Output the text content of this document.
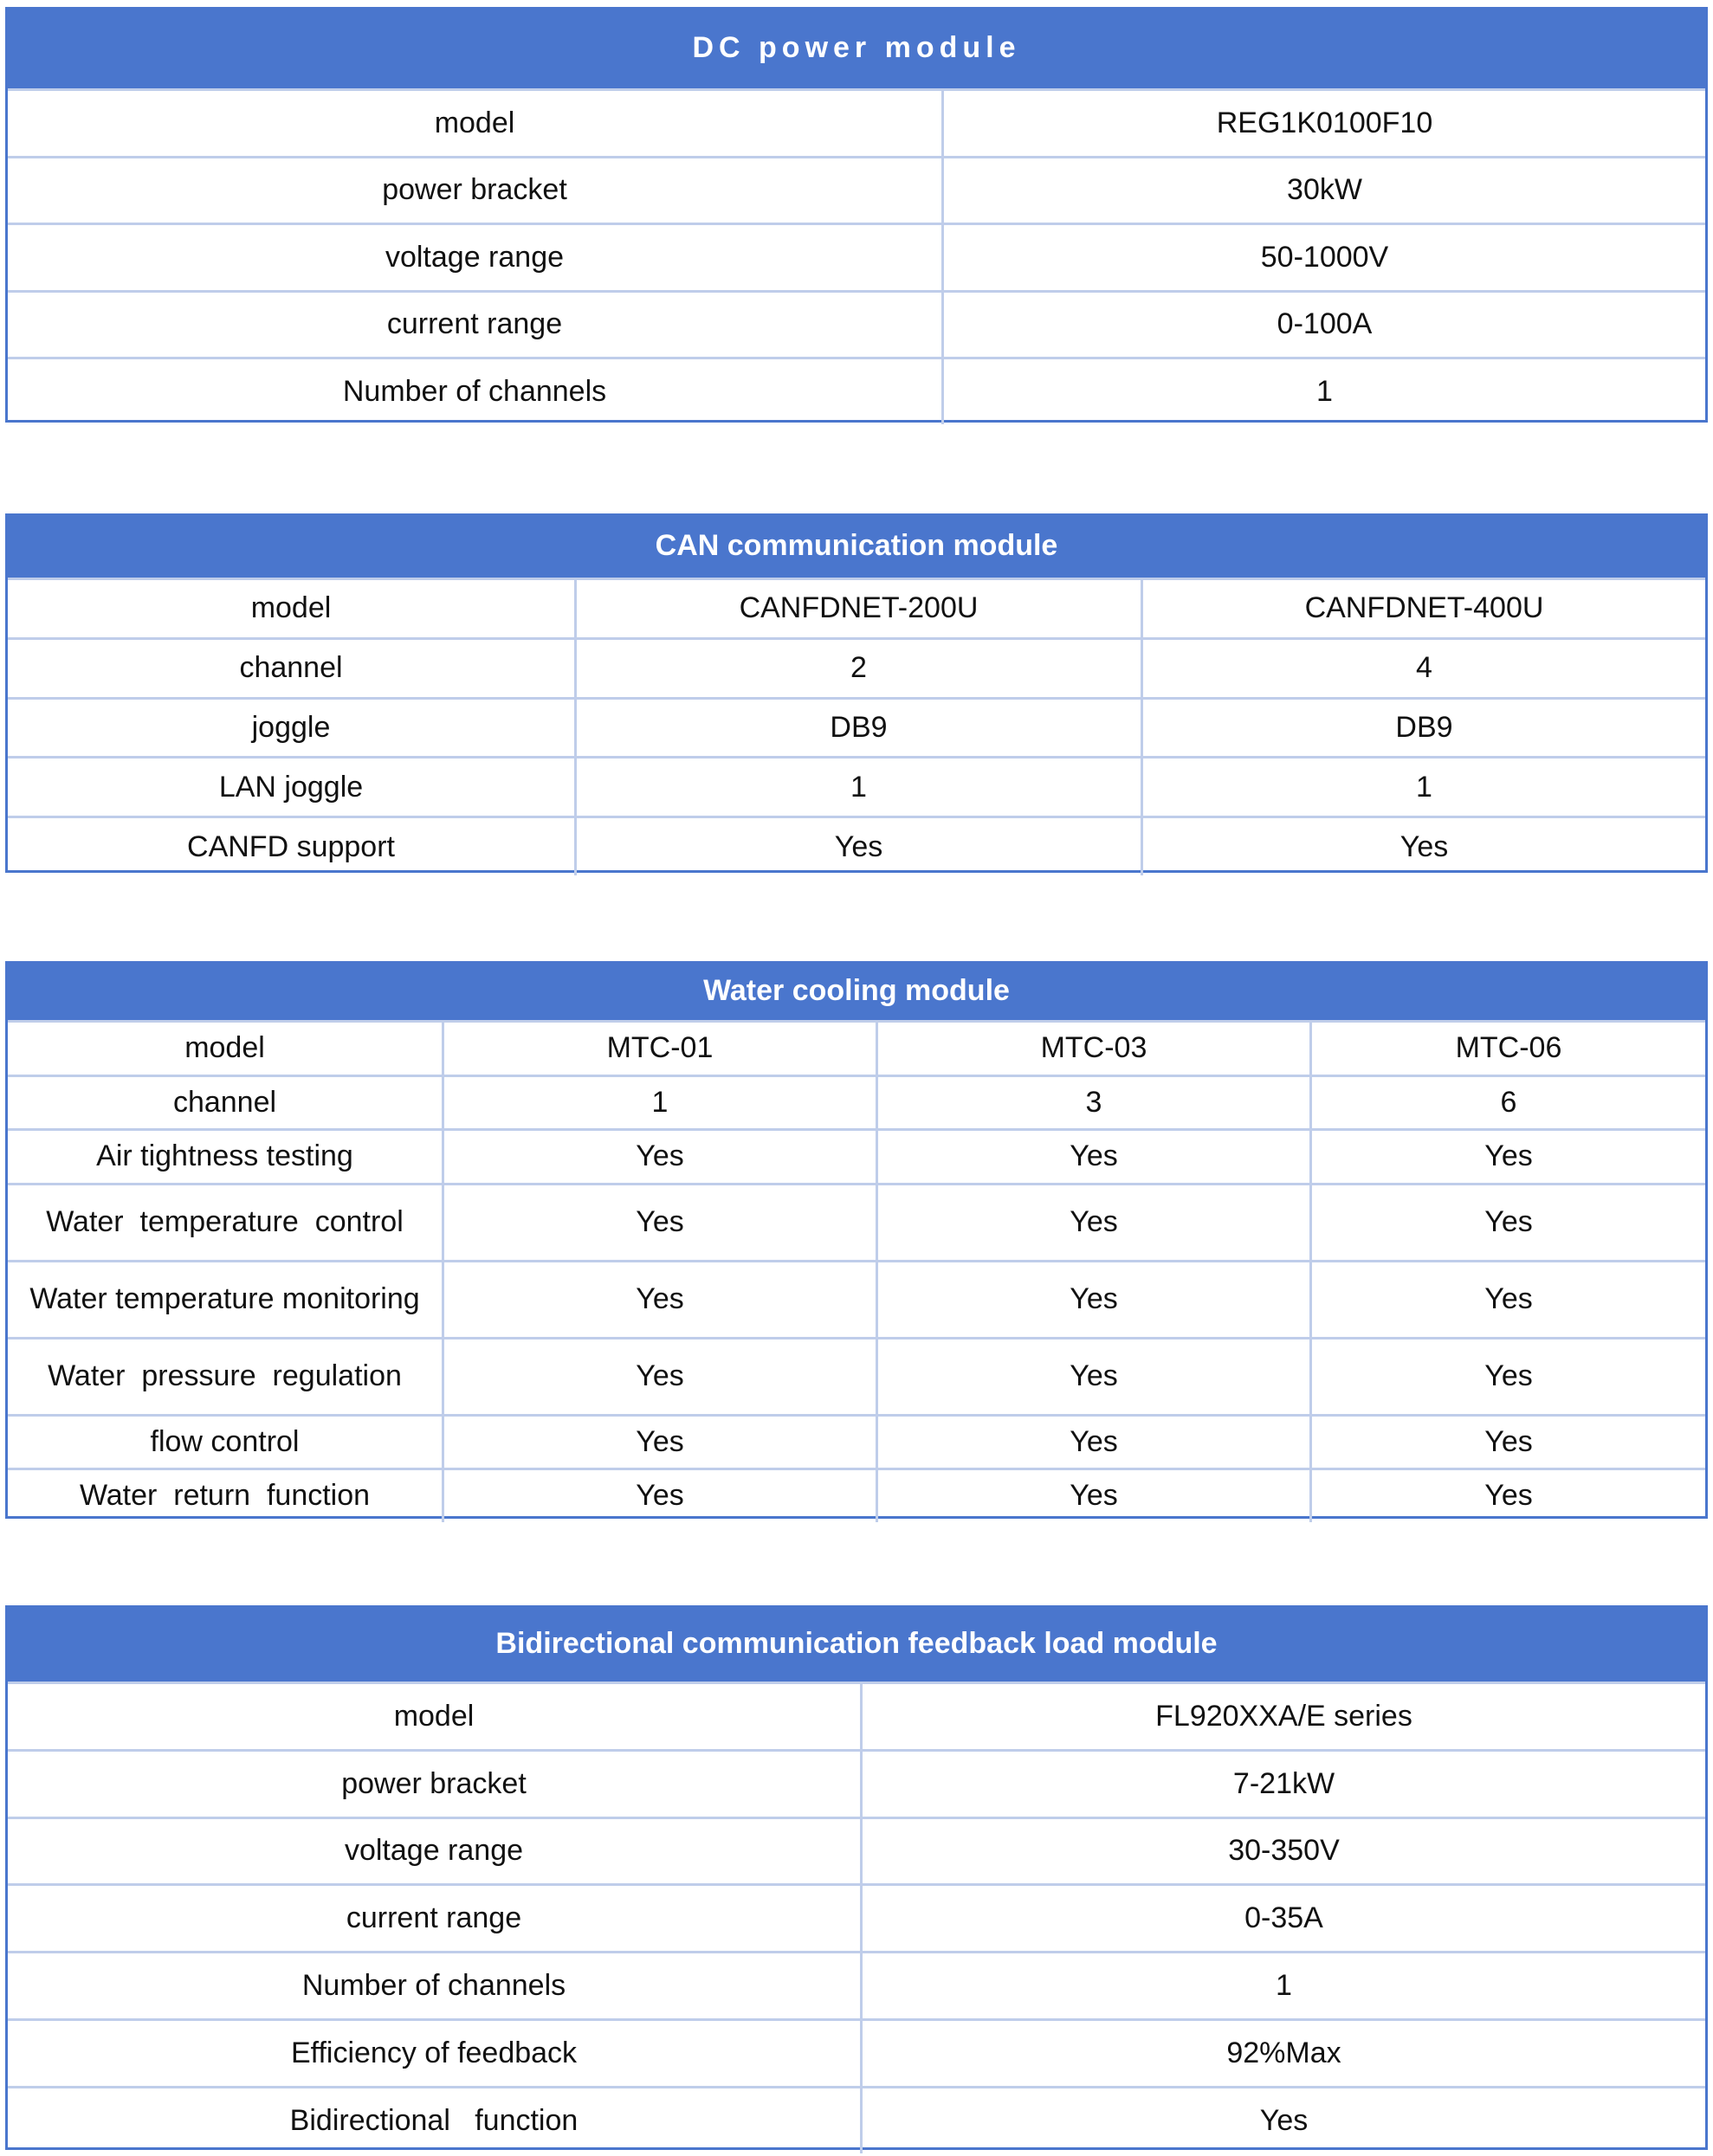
DC power module
model	REG1K0100F10
power bracket	30kW
voltage range	50-1000V
current range	0-100A
Number of channels	1
CAN communication module
model	CANFDNET-200U	CANFDNET-400U
channel	2	4
joggle	DB9	DB9
LAN joggle	1	1
CANFD support	Yes	Yes
Water cooling module
model	MTC-01	MTC-03	MTC-06
channel	1	3	6
Air tightness testing	Yes	Yes	Yes
Water  temperature  control	Yes	Yes	Yes
Water temperature monitoring	Yes	Yes	Yes
Water  pressure  regulation	Yes	Yes	Yes
flow control	Yes	Yes	Yes
Water  return  function	Yes	Yes	Yes
Bidirectional communication feedback load module
model	FL920XXA/E series
power bracket	7-21kW
voltage range	30-350V
current range	0-35A
Number of channels	1
Efficiency of feedback	92%Max
Bidirectional   function	Yes
